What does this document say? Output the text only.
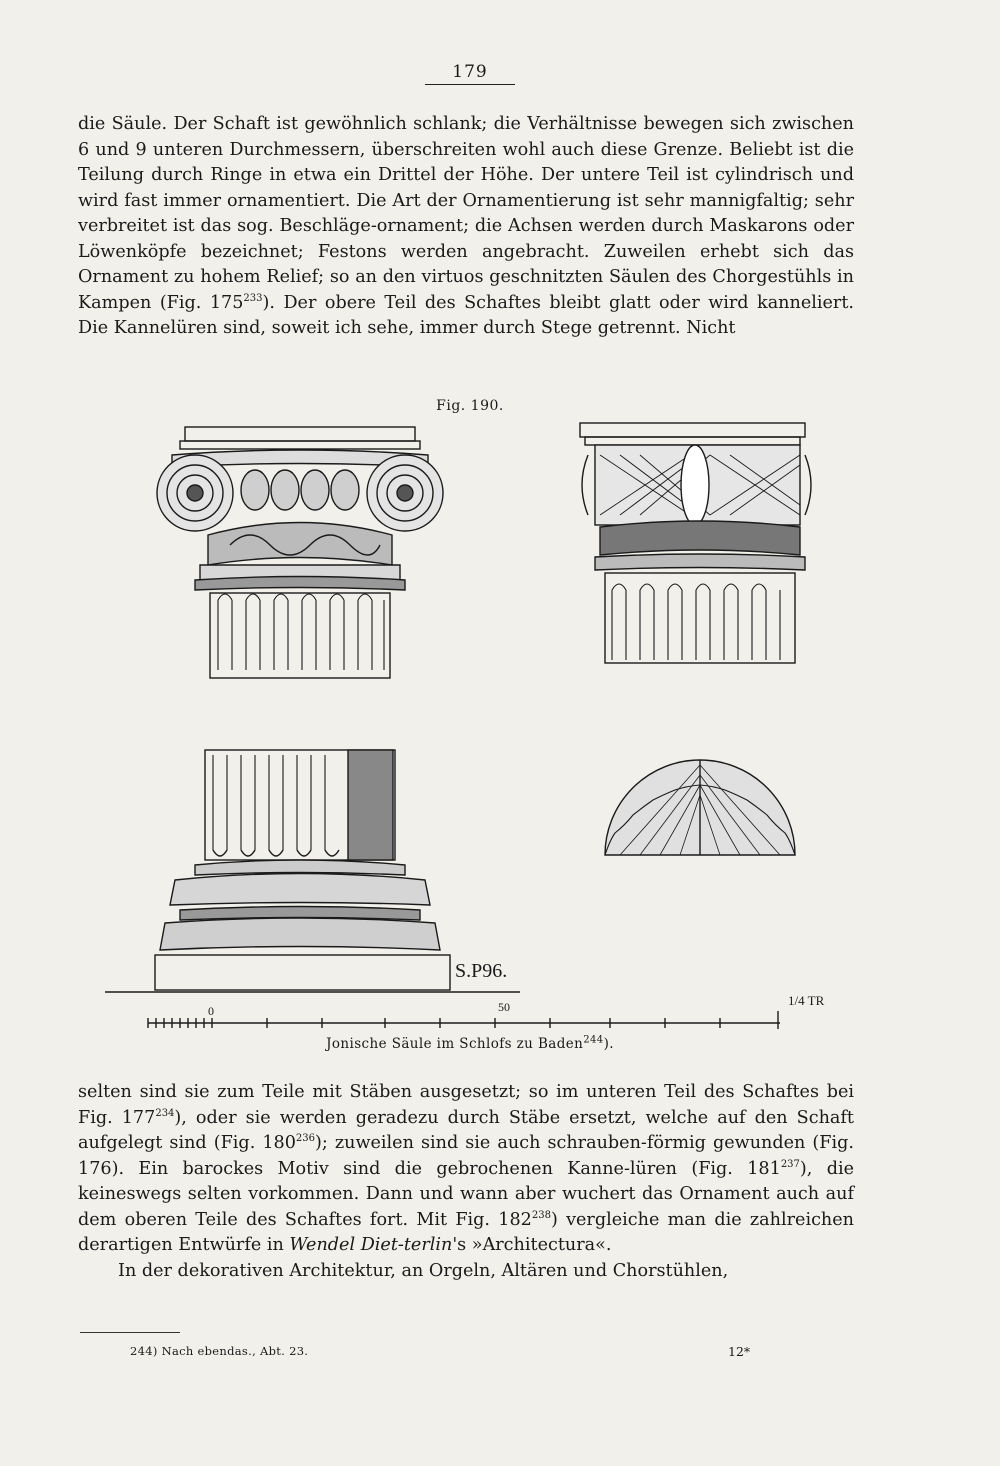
179

die Säule. Der Schaft ist gewöhnlich schlank; die Verhältnisse bewegen sich zwischen 6 und 9 unteren Durchmessern, überschreiten wohl auch diese Grenze. Beliebt ist die Teilung durch Ringe in etwa ein Drittel der Höhe. Der untere Teil ist cylindrisch und wird fast immer ornamentiert. Die Art der Ornamentierung ist sehr mannigfaltig; sehr verbreitet ist das sog. Beschläge-ornament; die Achsen werden durch Maskarons oder Löwenköpfe bezeichnet; Festons werden angebracht. Zuweilen erhebt sich das Ornament zu hohem Relief; so an den virtuos geschnitzten Säulen des Chorgestühls in Kampen (Fig. $175^{233}$). Der obere Teil des Schaftes bleibt glatt oder wird kanneliert. Die Kannelüren sind, soweit ich sehe, immer durch Stege getrennt. Nicht

Fig. 190.
S.P96.
0	50	1/4 TR
Jonische Säule im Schlofs zu Baden$^{244}$).

selten sind sie zum Teile mit Stäben ausgesetzt; so im unteren Teil des Schaftes bei Fig. $177^{234}$), oder sie werden geradezu durch Stäbe ersetzt, welche auf den Schaft aufgelegt sind (Fig. $180^{236}$); zuweilen sind sie auch schrauben-förmig gewunden (Fig. 176). Ein barockes Motiv sind die gebrochenen Kanne-lüren (Fig. $181^{237}$), die keineswegs selten vorkommen. Dann und wann aber wuchert das Ornament auch auf dem oberen Teile des Schaftes fort. Mit Fig. $182^{238}$) vergleiche man die zahlreichen derartigen Entwürfe in Wendel Diet-terlin's »Architectura«.

In der dekorativen Architektur, an Orgeln, Altären und Chorstühlen,

244) Nach ebendas., Abt. 23.	12*
